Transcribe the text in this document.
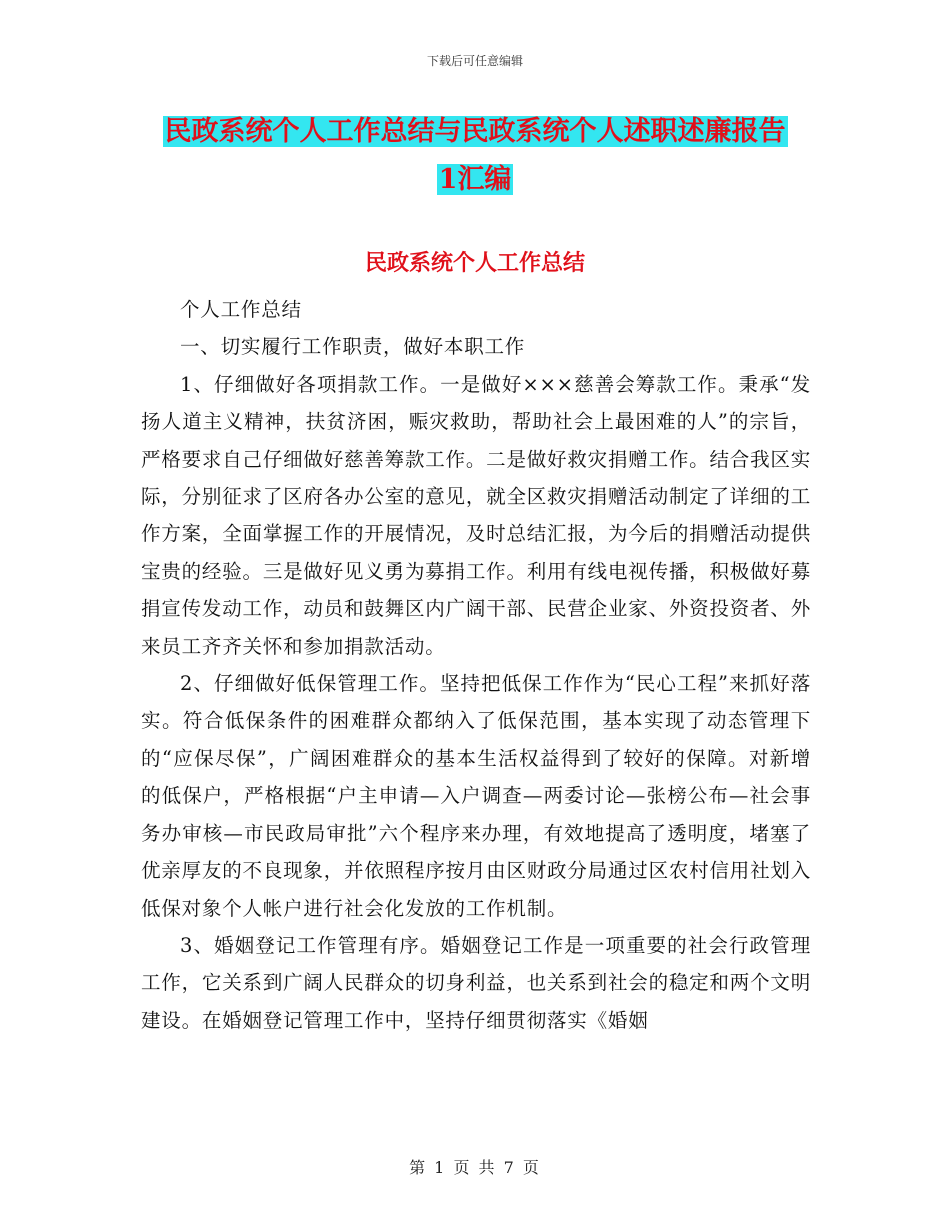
下载后可任意编辑
民政系统个人工作总结与民政系统个人述职述廉报告
1汇编
民政系统个人工作总结

个人工作总结

一、切实履行工作职责，做好本职工作

1、仔细做好各项捐款工作。一是做好×××慈善会筹款工作。秉承“发扬人道主义精神，扶贫济困，赈灾救助，帮助社会上最困难的人”的宗旨，严格要求自己仔细做好慈善筹款工作。二是做好救灾捐赠工作。结合我区实际，分别征求了区府各办公室的意见，就全区救灾捐赠活动制定了详细的工作方案，全面掌握工作的开展情况，及时总结汇报，为今后的捐赠活动提供宝贵的经验。三是做好见义勇为募捐工作。利用有线电视传播，积极做好募捐宣传发动工作，动员和鼓舞区内广阔干部、民营企业家、外资投资者、外来员工齐齐关怀和参加捐款活动。

2、仔细做好低保管理工作。坚持把低保工作作为“民心工程”来抓好落实。符合低保条件的困难群众都纳入了低保范围，基本实现了动态管理下的“应保尽保”，广阔困难群众的基本生活权益得到了较好的保障。对新增的低保户，严格根据“户主申请—入户调查—两委讨论—张榜公布—社会事务办审核—市民政局审批”六个程序来办理，有效地提高了透明度，堵塞了优亲厚友的不良现象，并依照程序按月由区财政分局通过区农村信用社划入低保对象个人帐户进行社会化发放的工作机制。

3、婚姻登记工作管理有序。婚姻登记工作是一项重要的社会行政管理工作，它关系到广阔人民群众的切身利益，也关系到社会的稳定和两个文明建设。在婚姻登记管理工作中，坚持仔细贯彻落实《婚姻

第 1 页 共 7 页
